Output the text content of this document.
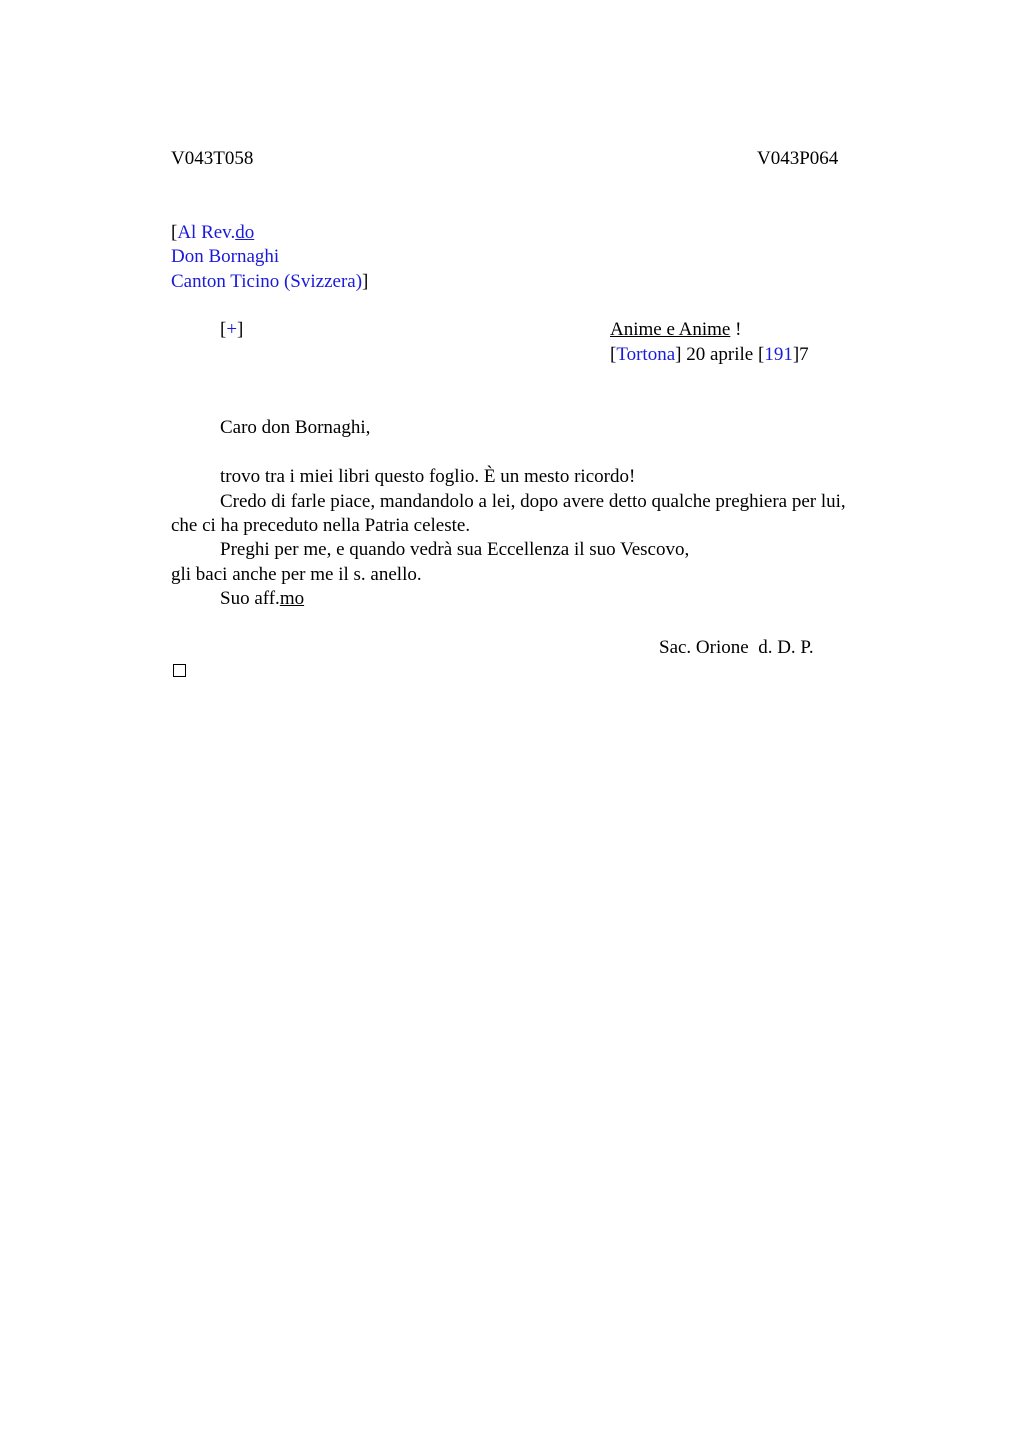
V043T058	V043P064
[Al Rev.do
Don Bornaghi
Canton Ticino (Svizzera)]
[+]	Anime e Anime !
[Tortona] 20 aprile [191]7
Caro don Bornaghi,
trovo tra i miei libri questo foglio. È un mesto ricordo!
Credo di farle piace, mandandolo a lei, dopo avere detto qualche preghiera per lui,
che ci ha preceduto nella Patria celeste.
Preghi per me, e quando vedrà sua Eccellenza il suo Vescovo,
gli baci anche per me il s. anello.
Suo aff.mo
Sac. Orione  d. D. P.
